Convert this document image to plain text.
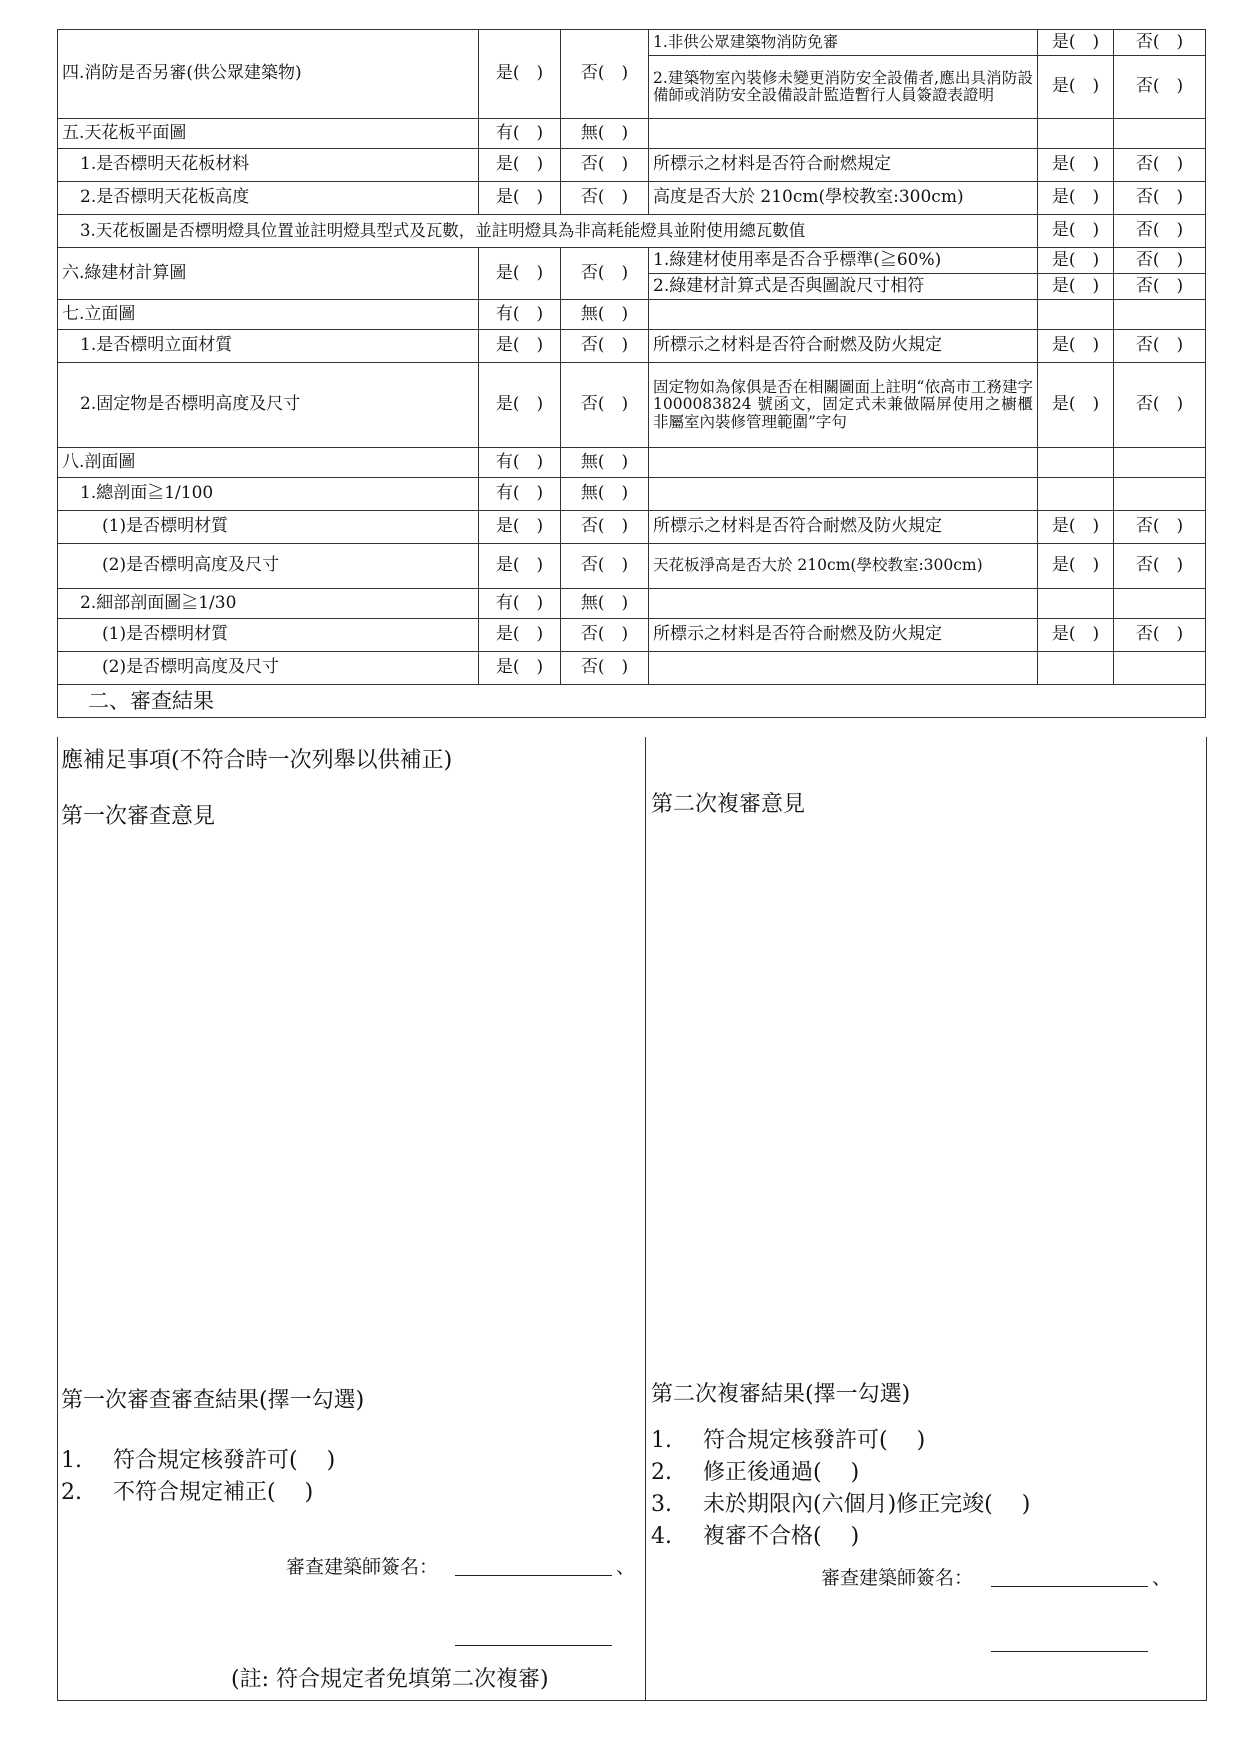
四.消防是否另審(供公眾建築物)	是(　)	否(　)	1.非供公眾建築物消防免審	是(　)	否(　)
			2.建築物室內裝修未變更消防安全設備者,應出具消防設備師或消防安全設備設計監造暫行人員簽證表證明	是(　)	否(　)
五.天花板平面圖	有(　)	無(　)			
1.是否標明天花板材料	是(　)	否(　)	所標示之材料是否符合耐燃規定	是(　)	否(　)
2.是否標明天花板高度	是(　)	否(　)	高度是否大於 210cm(學校教室:300cm)	是(　)	否(　)
3.天花板圖是否標明燈具位置並註明燈具型式及瓦數，並註明燈具為非高耗能燈具並附使用總瓦數值				是(　)	否(　)
六.綠建材計算圖	是(　)	否(　)	1.綠建材使用率是否合乎標準(≧60%)	是(　)	否(　)
			2.綠建材計算式是否與圖說尺寸相符	是(　)	否(　)
七.立面圖	有(　)	無(　)			
1.是否標明立面材質	是(　)	否(　)	所標示之材料是否符合耐燃及防火規定	是(　)	否(　)
2.固定物是否標明高度及尺寸	是(　)	否(　)	固定物如為傢俱是否在相關圖面上註明“依高市工務建字 1000083824 號函文，固定式未兼做隔屏使用之櫥櫃非屬室內裝修管理範圍”字句	是(　)	否(　)
八.剖面圖	有(　)	無(　)			
1.總剖面≧1/100	有(　)	無(　)			
(1)是否標明材質	是(　)	否(　)	所標示之材料是否符合耐燃及防火規定	是(　)	否(　)
(2)是否標明高度及尺寸	是(　)	否(　)	天花板淨高是否大於 210cm(學校教室:300cm)	是(　)	否(　)
2.細部剖面圖≧1/30	有(　)	無(　)			
(1)是否標明材質	是(　)	否(　)	所標示之材料是否符合耐燃及防火規定	是(　)	否(　)
(2)是否標明高度及尺寸	是(　)	否(　)			
二、審查結果					
應補足事項(不符合時一次列舉以供補正)
第一次審查意見
第一次審查審查結果(擇一勾選)
1. 符合規定核發許可(　 )
2. 不符合規定補正(　 )
審查建築師簽名：	、
(註: 符合規定者免填第二次複審)
第二次複審意見
第二次複審結果(擇一勾選)
1. 符合規定核發許可(　 )
2. 修正後通過(　 )
3. 未於期限內(六個月)修正完竣(　 )
4. 複審不合格(　 )
審查建築師簽名：	、
